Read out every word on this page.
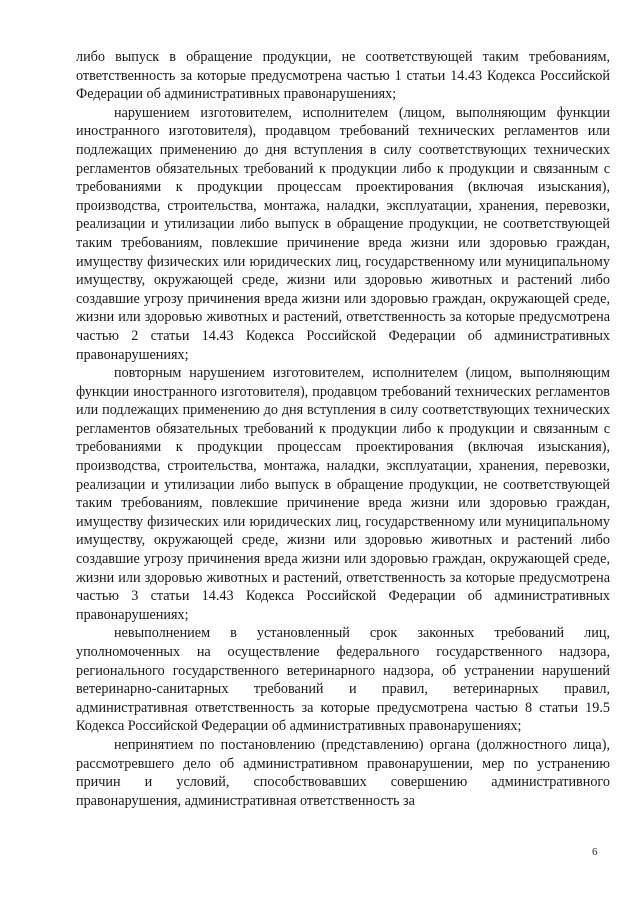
либо выпуск в обращение продукции, не соответствующей таким требованиям, ответственность за которые предусмотрена частью 1 статьи 14.43 Кодекса Российской Федерации об административных правонарушениях;

нарушением изготовителем, исполнителем (лицом, выполняющим функции иностранного изготовителя), продавцом требований технических регламентов или подлежащих применению до дня вступления в силу соответствующих технических регламентов обязательных требований к продукции либо к продукции и связанным с требованиями к продукции процессам проектирования (включая изыскания), производства, строительства, монтажа, наладки, эксплуатации, хранения, перевозки, реализации и утилизации либо выпуск в обращение продукции, не соответствующей таким требованиям, повлекшие причинение вреда жизни или здоровью граждан, имуществу физических или юридических лиц, государственному или муниципальному имуществу, окружающей среде, жизни или здоровью животных и растений либо создавшие угрозу причинения вреда жизни или здоровью граждан, окружающей среде, жизни или здоровью животных и растений, ответственность за которые предусмотрена частью 2 статьи 14.43 Кодекса Российской Федерации об административных правонарушениях;

повторным нарушением изготовителем, исполнителем (лицом, выполняющим функции иностранного изготовителя), продавцом требований технических регламентов или подлежащих применению до дня вступления в силу соответствующих технических регламентов обязательных требований к продукции либо к продукции и связанным с требованиями к продукции процессам проектирования (включая изыскания), производства, строительства, монтажа, наладки, эксплуатации, хранения, перевозки, реализации и утилизации либо выпуск в обращение продукции, не соответствующей таким требованиям, повлекшие причинение вреда жизни или здоровью граждан, имуществу физических или юридических лиц, государственному или муниципальному имуществу, окружающей среде, жизни или здоровью животных и растений либо создавшие угрозу причинения вреда жизни или здоровью граждан, окружающей среде, жизни или здоровью животных и растений, ответственность за которые предусмотрена частью 3 статьи 14.43 Кодекса Российской Федерации об административных правонарушениях;

невыполнением в установленный срок законных требований лиц, уполномоченных на осуществление федерального государственного надзора, регионального государственного ветеринарного надзора, об устранении нарушений ветеринарно-санитарных требований и правил, ветеринарных правил, административная ответственность за которые предусмотрена частью 8 статьи 19.5 Кодекса Российской Федерации об административных правонарушениях;

непринятием по постановлению (представлению) органа (должностного лица), рассмотревшего дело об административном правонарушении, мер по устранению причин и условий, способствовавших совершению административного правонарушения, административная ответственность за

6
